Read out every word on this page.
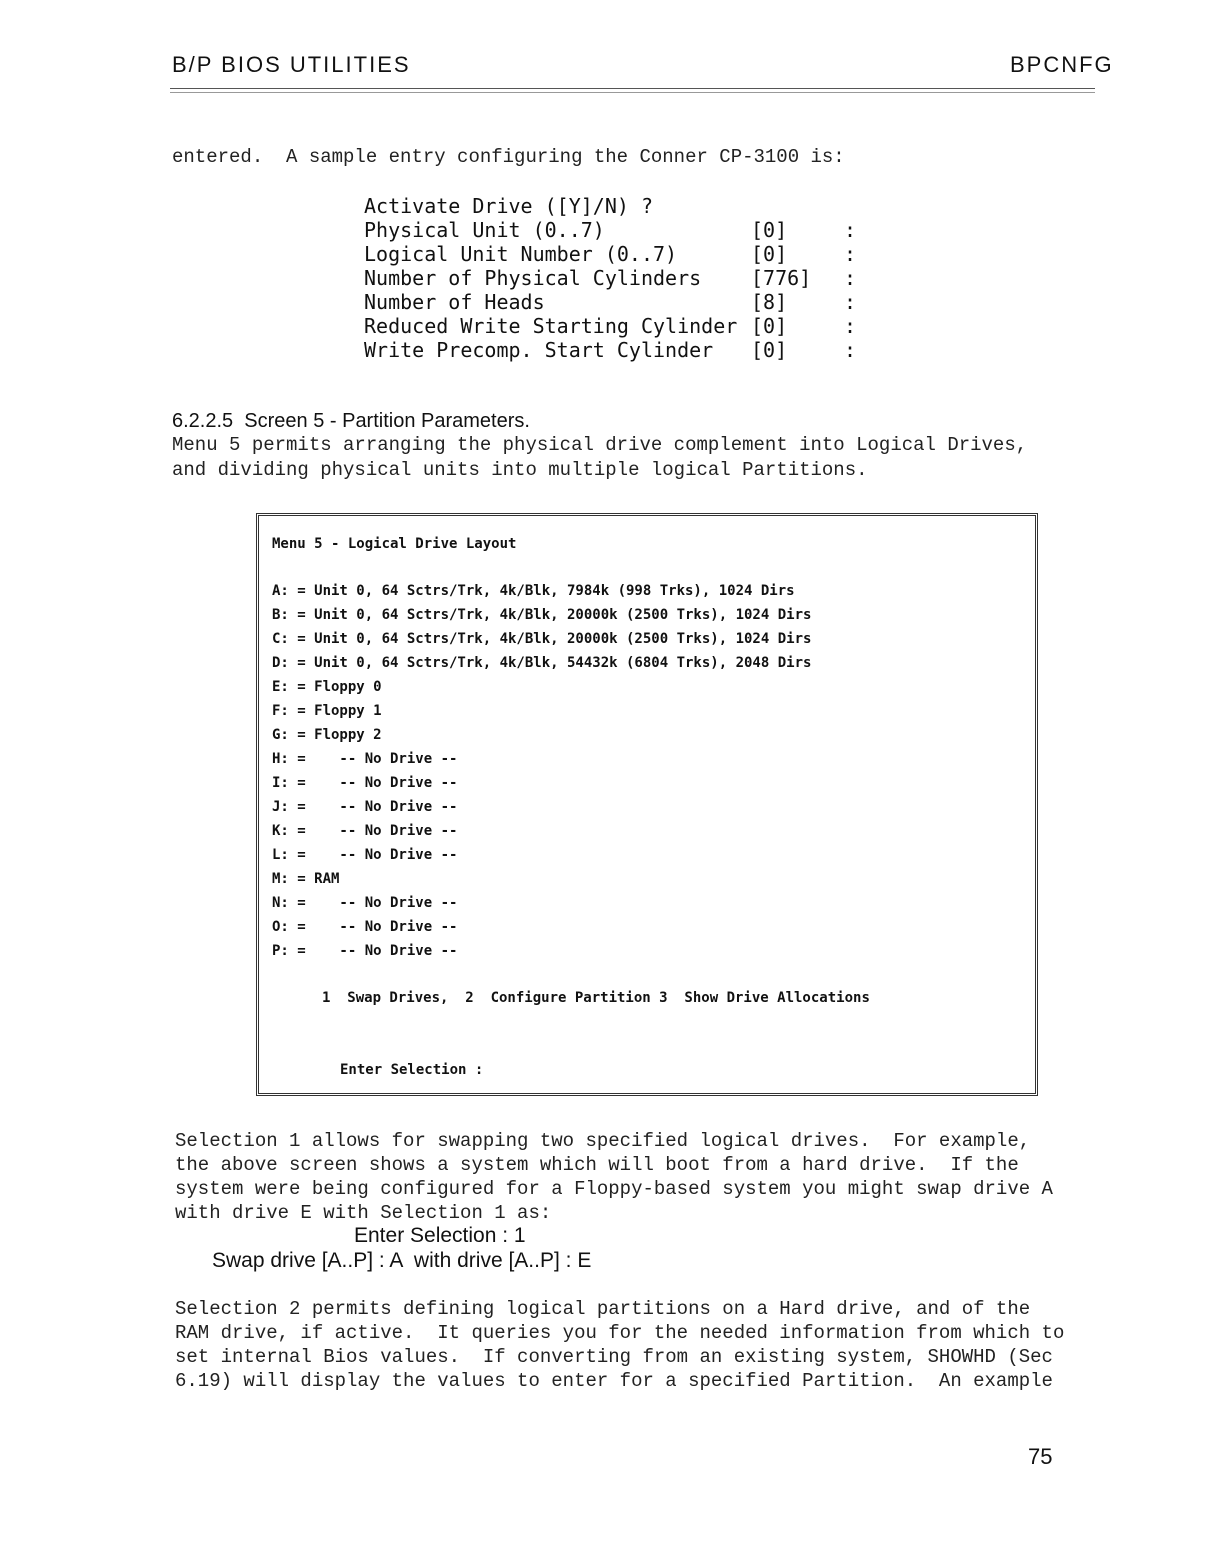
B/P BIOS UTILITIES	BPCNFG
entered.  A sample entry configuring the Conner CP-3100 is:
Activate Drive ([Y]/N) ?
Physical Unit (0..7)	[0]	:
Logical Unit Number (0..7)	[0]	:
Number of Physical Cylinders [776] :
Number of Heads	[8]	:
Reduced Write Starting Cylinder [0]	:
Write Precomp. Start Cylinder [0]	:
6.2.2.5  Screen 5 - Partition Parameters.
Menu 5 permits arranging the physical drive complement into Logical Drives,
and dividing physical units into multiple logical Partitions.
Menu 5 - Logical Drive Layout
A: = Unit 0, 64 Sctrs/Trk, 4k/Blk, 7984k (998 Trks), 1024 Dirs
B: = Unit 0, 64 Sctrs/Trk, 4k/Blk, 20000k (2500 Trks), 1024 Dirs
C: = Unit 0, 64 Sctrs/Trk, 4k/Blk, 20000k (2500 Trks), 1024 Dirs
D: = Unit 0, 64 Sctrs/Trk, 4k/Blk, 54432k (6804 Trks), 2048 Dirs
E: = Floppy 0
F: = Floppy 1
G: = Floppy 2
H: =    -- No Drive --
I: =    -- No Drive --
J: =    -- No Drive --
K: =    -- No Drive --
L: =    -- No Drive --
M: = RAM
N: =    -- No Drive --
O: =    -- No Drive --
P: =    -- No Drive --
1  Swap Drives,  2  Configure Partition 3  Show Drive Allocations
Enter Selection :
Selection 1 allows for swapping two specified logical drives.  For example,
the above screen shows a system which will boot from a hard drive.  If the
system were being configured for a Floppy-based system you might swap drive A
with drive E with Selection 1 as:
Enter Selection : 1
Swap drive [A..P] : A  with drive [A..P] : E
Selection 2 permits defining logical partitions on a Hard drive, and of the
RAM drive, if active.  It queries you for the needed information from which to
set internal Bios values.  If converting from an existing system, SHOWHD (Sec
6.19) will display the values to enter for a specified Partition.  An example
75
